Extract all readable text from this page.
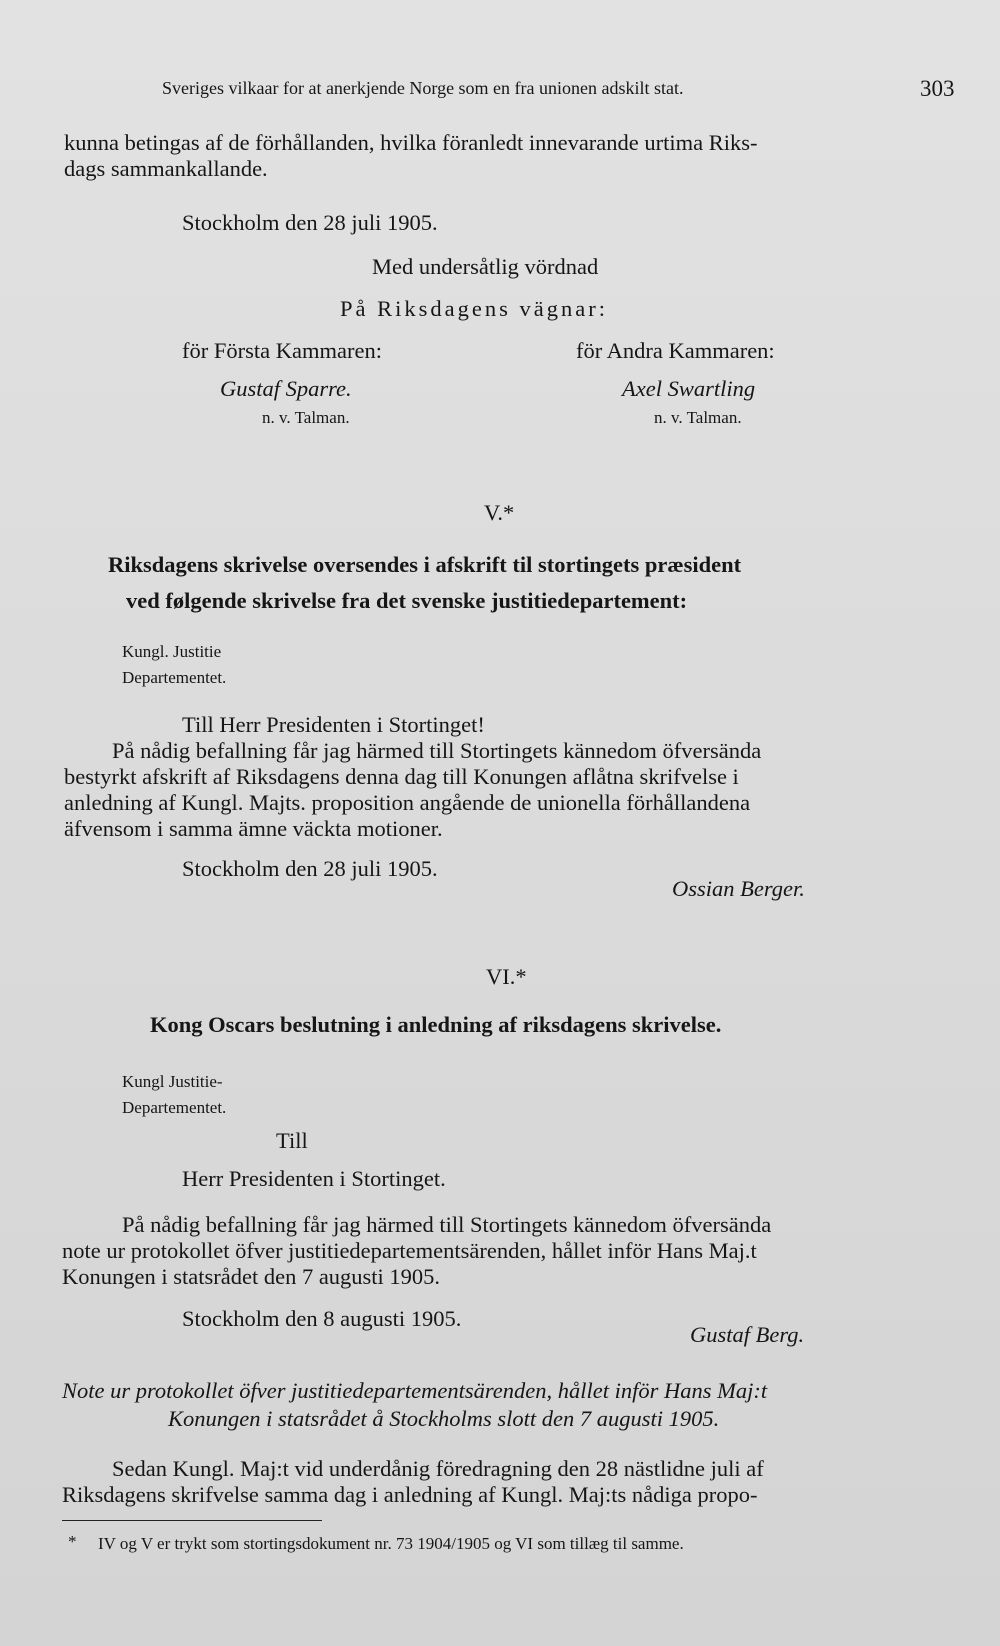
Sveriges vilkaar for at anerkjende Norge som en fra unionen adskilt stat.	303
kunna betingas af de förhållanden, hvilka föranledt innevarande urtima Riks-
dags sammankallande.
Stockholm den 28 juli 1905.
Med undersåtlig vördnad
På Riksdagens vägnar:
för Första Kammaren:	för Andra Kammaren:
Gustaf Sparre.	Axel Swartling
n. v. Talman.	n. v. Talman.
V.*
Riksdagens skrivelse oversendes i afskrift til stortingets præsident
ved følgende skrivelse fra det svenske justitiedepartement:
Kungl. Justitie
Departementet.
Till Herr Presidenten i Stortinget!
På nådig befallning får jag härmed till Stortingets kännedom öfversända
bestyrkt afskrift af Riksdagens denna dag till Konungen aflåtna skrifvelse i
anledning af Kungl. Majts. proposition angående de unionella förhållandena
äfvensom i samma ämne väckta motioner.
Stockholm den 28 juli 1905.
Ossian Berger.
VI.*
Kong Oscars beslutning i anledning af riksdagens skrivelse.
Kungl Justitie-
Departementet.
Till
Herr Presidenten i Stortinget.
På nådig befallning får jag härmed till Stortingets kännedom öfversända
note ur protokollet öfver justitiedepartementsärenden, hållet inför Hans Maj.t
Konungen i statsrådet den 7 augusti 1905.
Stockholm den 8 augusti 1905.
Gustaf Berg.
Note ur protokollet öfver justitiedepartementsärenden, hållet inför Hans Maj:t
Konungen i statsrådet å Stockholms slott den 7 augusti 1905.
Sedan Kungl. Maj:t vid underdånig föredragning den 28 nästlidne juli af
Riksdagens skrifvelse samma dag i anledning af Kungl. Maj:ts nådiga propo-
* IV og V er trykt som stortingsdokument nr. 73 1904/1905 og VI som tillæg til samme.
